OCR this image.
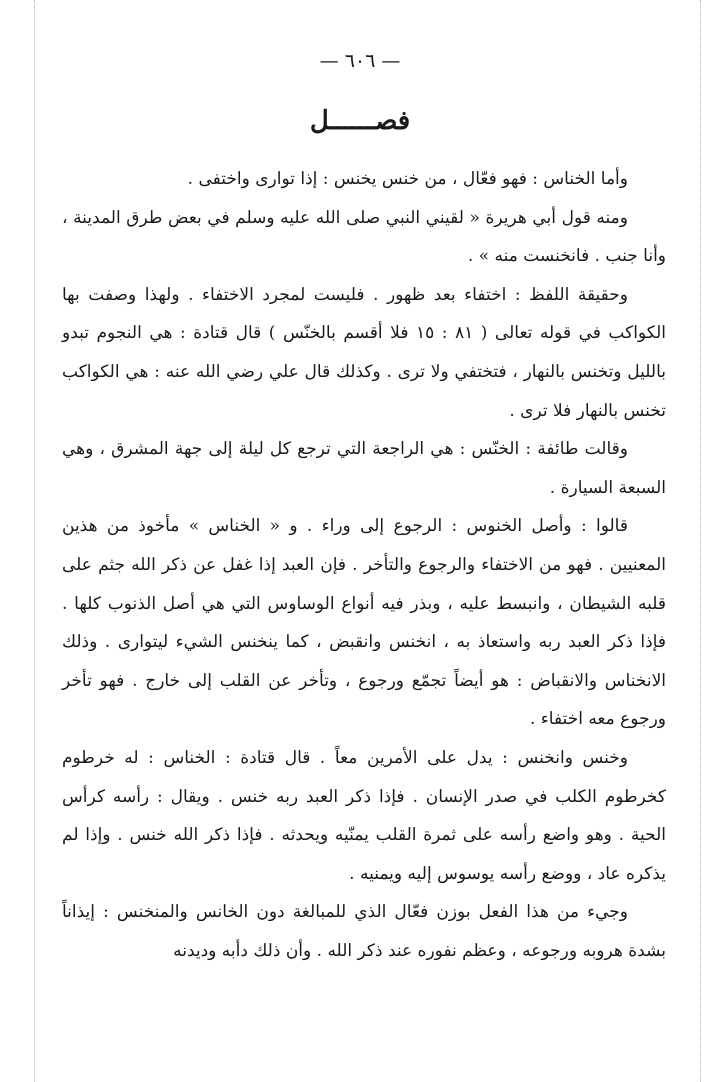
— ٦٠٦ —
فصــــــل

وأما الخناس : فهو فعّال ، من خنس يخنس : إذا توارى واختفى .

ومنه قول أبي هريرة « لقيني النبي صلى الله عليه وسلم في بعض طرق المدينة ، وأنا جنب . فانخنست منه » .

وحقيقة اللفظ : اختفاء بعد ظهور . فليست لمجرد الاختفاء . ولهذا وصفت بها الكواكب في قوله تعالى ( ٨١ : ١٥ فلا أقسم بالخنّس ) قال قتادة : هي النجوم تبدو بالليل وتخنس بالنهار ، فتختفي ولا ترى . وكذلك قال علي رضي الله عنه : هي الكواكب تخنس بالنهار فلا ترى .

وقالت طائفة : الخنّس : هي الراجعة التي ترجع كل ليلة إلى جهة المشرق ، وهي السبعة السيارة .

قالوا : وأصل الخنوس : الرجوع إلى وراء . و « الخناس » مأخوذ من هذين المعنيين . فهو من الاختفاء والرجوع والتأخر . فإن العبد إذا غفل عن ذكر الله جثم على قلبه الشيطان ، وانبسط عليه ، وبذر فيه أنواع الوساوس التي هي أصل الذنوب كلها . فإذا ذكر العبد ربه واستعاذ به ، انخنس وانقبض ، كما ينخنس الشيء ليتوارى . وذلك الانخناس والانقباض : هو أيضاً تجمّع ورجوع ، وتأخر عن القلب إلى خارج . فهو تأخر ورجوع معه اختفاء .

وخنس وانخنس : يدل على الأمرين معاً . قال قتادة : الخناس : له خرطوم كخرطوم الكلب في صدر الإنسان . فإذا ذكر العبد ربه خنس . ويقال : رأسه كرأس الحية . وهو واضع رأسه على ثمرة القلب يمنّيه ويحدثه . فإذا ذكر الله خنس . وإذا لم يذكره عاد ، ووضع رأسه يوسوس إليه ويمنيه .

وجيء من هذا الفعل بوزن فعّال الذي للمبالغة دون الخانس والمنخنس : إيذاناً بشدة هروبه ورجوعه ، وعظم نفوره عند ذكر الله . وأن ذلك دأبه وديدنه
